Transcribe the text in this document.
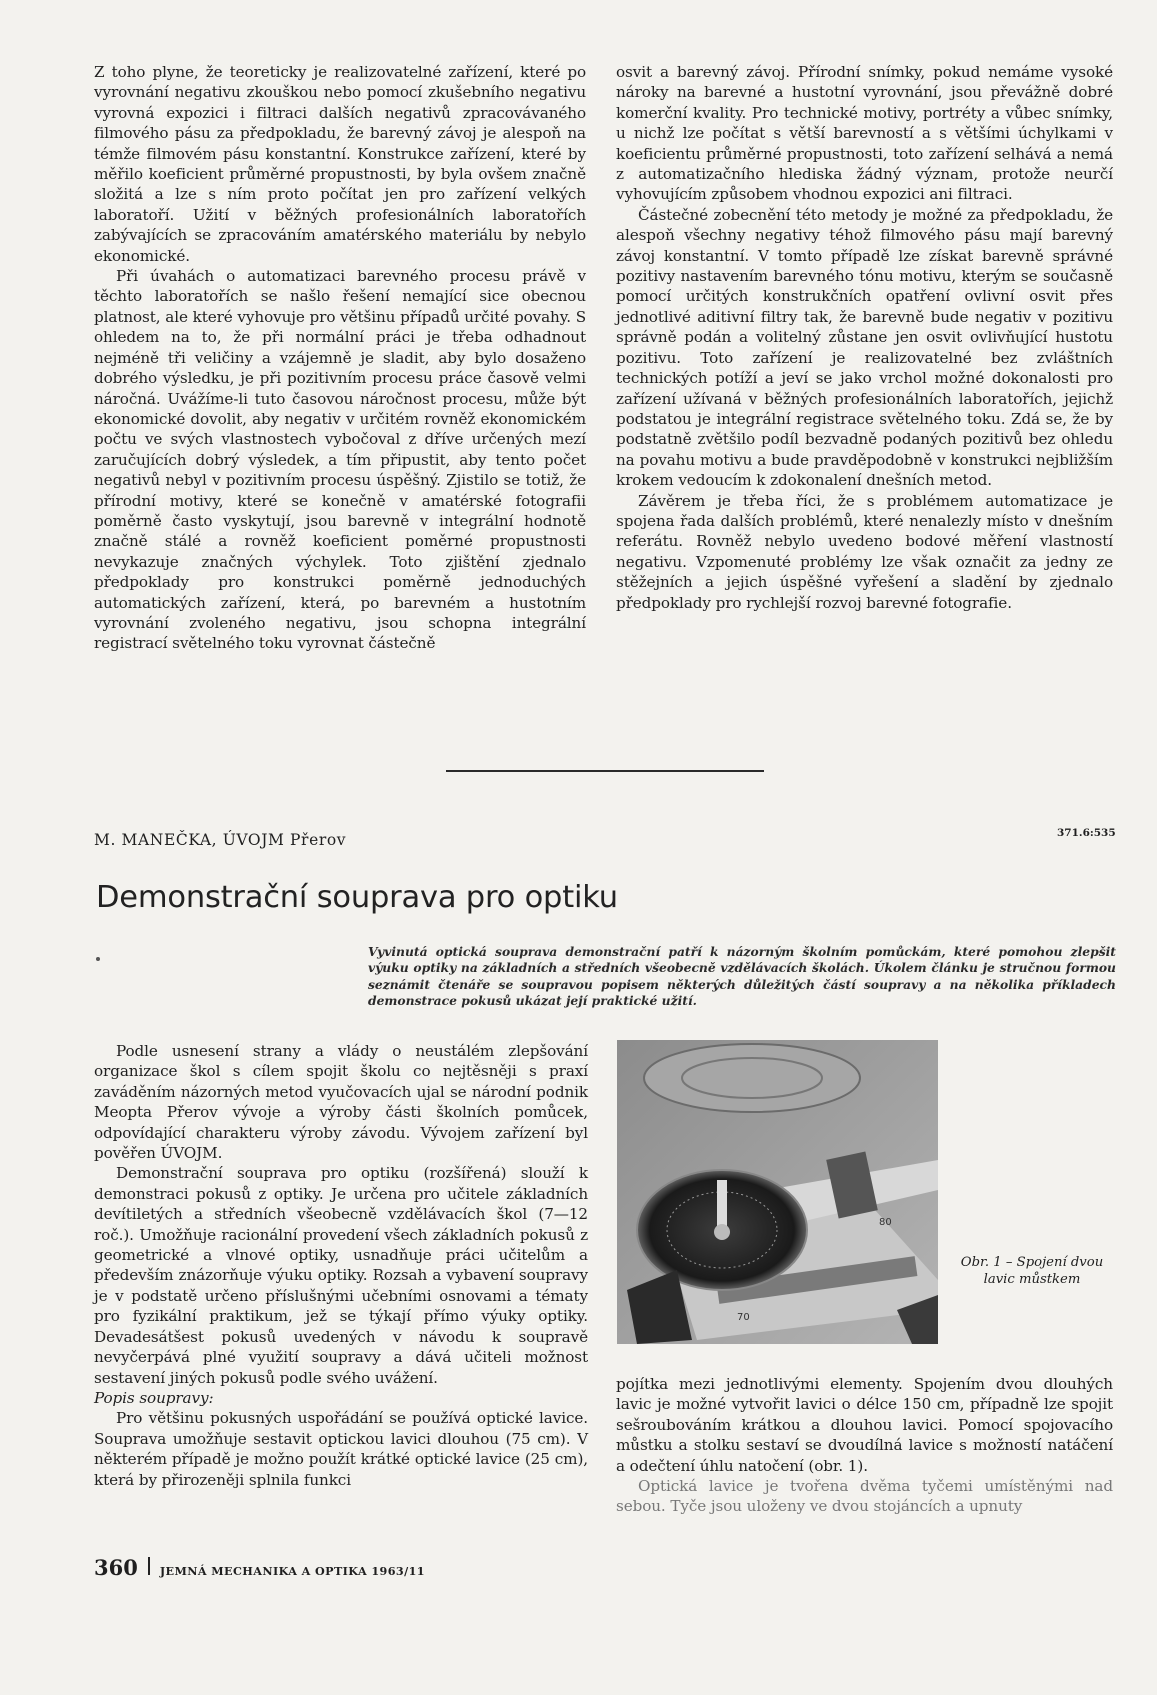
Z toho plyne, že teoreticky je realizovatelné zařízení, které po vyrovnání negativu zkouškou nebo pomocí zkušebního negativu vyrovná expozici i filtraci dalších negativů zpracovávaného filmového pásu za předpokladu, že barevný závoj je alespoň na témže filmovém pásu konstantní. Konstrukce zařízení, které by měřilo koeficient průměrné propustnosti, by byla ovšem značně složitá a lze s ním proto počítat jen pro zařízení velkých laboratoří. Užití v běžných profesionálních laboratořích zabývajících se zpracováním amatérského materiálu by nebylo ekonomické.

Při úvahách o automatizaci barevného procesu právě v těchto laboratořích se našlo řešení nemající sice obecnou platnost, ale které vyhovuje pro většinu případů určité povahy. S ohledem na to, že při normální práci je třeba odhadnout nejméně tři veličiny a vzájemně je sladit, aby bylo dosaženo dobrého výsledku, je při pozitivním procesu práce časově velmi náročná. Uvážíme-li tuto časovou náročnost procesu, může být ekonomické dovolit, aby negativ v určitém rovněž ekonomickém počtu ve svých vlastnostech vybočoval z dříve určených mezí zaručujících dobrý výsledek, a tím připustit, aby tento počet negativů nebyl v pozitivním procesu úspěšný. Zjistilo se totiž, že přírodní motivy, které se konečně v amatérské fotografii poměrně často vyskytují, jsou barevně v integrální hodnotě značně stálé a rovněž koeficient poměrné propustnosti nevykazuje značných výchylek. Toto zjištění zjednalo předpoklady pro konstrukci poměrně jednoduchých automatických zařízení, která, po barevném a hustotním vyrovnání zvoleného negativu, jsou schopna integrální registrací světelného toku vyrovnat částečně

osvit a barevný závoj. Přírodní snímky, pokud nemáme vysoké nároky na barevné a hustotní vyrovnání, jsou převážně dobré komerční kvality. Pro technické motivy, portréty a vůbec snímky, u nichž lze počítat s větší barevností a s většími úchylkami v koeficientu průměrné propustnosti, toto zařízení selhává a nemá z automatizačního hlediska žádný význam, protože neurčí vyhovujícím způsobem vhodnou expozici ani filtraci.

Částečné zobecnění této metody je možné za předpokladu, že alespoň všechny negativy téhož filmového pásu mají barevný závoj konstantní. V tomto případě lze získat barevně správné pozitivy nastavením barevného tónu motivu, kterým se současně pomocí určitých konstrukčních opatření ovlivní osvit přes jednotlivé aditivní filtry tak, že barevně bude negativ v pozitivu správně podán a volitelný zůstane jen osvit ovlivňující hustotu pozitivu. Toto zařízení je realizovatelné bez zvláštních technických potíží a jeví se jako vrchol možné dokonalosti pro zařízení užívaná v běžných profesionálních laboratořích, jejichž podstatou je integrální registrace světelného toku. Zdá se, že by podstatně zvětšilo podíl bezvadně podaných pozitivů bez ohledu na povahu motivu a bude pravděpodobně v konstrukci nejbližším krokem vedoucím k zdokonalení dnešních metod.

Závěrem je třeba říci, že s problémem automatizace je spojena řada dalších problémů, které nenalezly místo v dnešním referátu. Rovněž nebylo uvedeno bodové měření vlastností negativu. Vzpomenuté problémy lze však označit za jedny ze stěžejních a jejich úspěšné vyřešení a sladění by zjednalo předpoklady pro rychlejší rozvoj barevné fotografie.

M. MANEČKA, ÚVOJM Přerov	371.6:535
Demonstrační souprava pro optiku
Vyvinutá optická souprava demonstrační patří k názorným školním pomůckám, které pomohou zlepšit výuku optiky na základních a středních všeobecně vzdělávacích školách. Úkolem článku je stručnou formou seznámit čtenáře se soupravou popisem některých důležitých částí soupravy a na několika příkladech demonstrace pokusů ukázat její praktické užití.

Podle usnesení strany a vlády o neustálém zlepšování organizace škol s cílem spojit školu co nejtěsněji s praxí zaváděním názorných metod vyučovacích ujal se národní podnik Meopta Přerov vývoje a výroby části školních pomůcek, odpovídající charakteru výroby závodu. Vývojem zařízení byl pověřen ÚVOJM.

Demonstrační souprava pro optiku (rozšířená) slouží k demonstraci pokusů z optiky. Je určena pro učitele základních devítiletých a středních všeobecně vzdělávacích škol (7—12 roč.). Umožňuje racionální provedení všech základních pokusů z geometrické a vlnové optiky, usnadňuje práci učitelům a především znázorňuje výuku optiky. Rozsah a vybavení soupravy je v podstatě určeno příslušnými učebními osnovami a tématy pro fyzikální praktikum, jež se týkají přímo výuky optiky. Devadesátšest pokusů uvedených v návodu k soupravě nevyčerpává plné využití soupravy a dává učiteli možnost sestavení jiných pokusů podle svého uvážení.

Popis soupravy:

Pro většinu pokusných uspořádání se používá optické lavice. Souprava umožňuje sestavit optickou lavici dlouhou (75 cm). V některém případě je možno použít krátké optické lavice (25 cm), která by přirozeněji splnila funkci

80
70
Obr. 1 – Spojení dvou lavic můstkem

pojítka mezi jednotlivými elementy. Spojením dvou dlouhých lavic je možné vytvořit lavici o délce 150 cm, případně lze spojit sešroubováním krátkou a dlouhou lavici. Pomocí spojovacího můstku a stolku sestaví se dvoudílná lavice s možností natáčení a odečtení úhlu natočení (obr. 1).

Optická lavice je tvořena dvěma tyčemi umístěnými nad sebou. Tyče jsou uloženy ve dvou stojáncích a upnuty

360 JEMNÁ MECHANIKA A OPTIKA 1963/11
